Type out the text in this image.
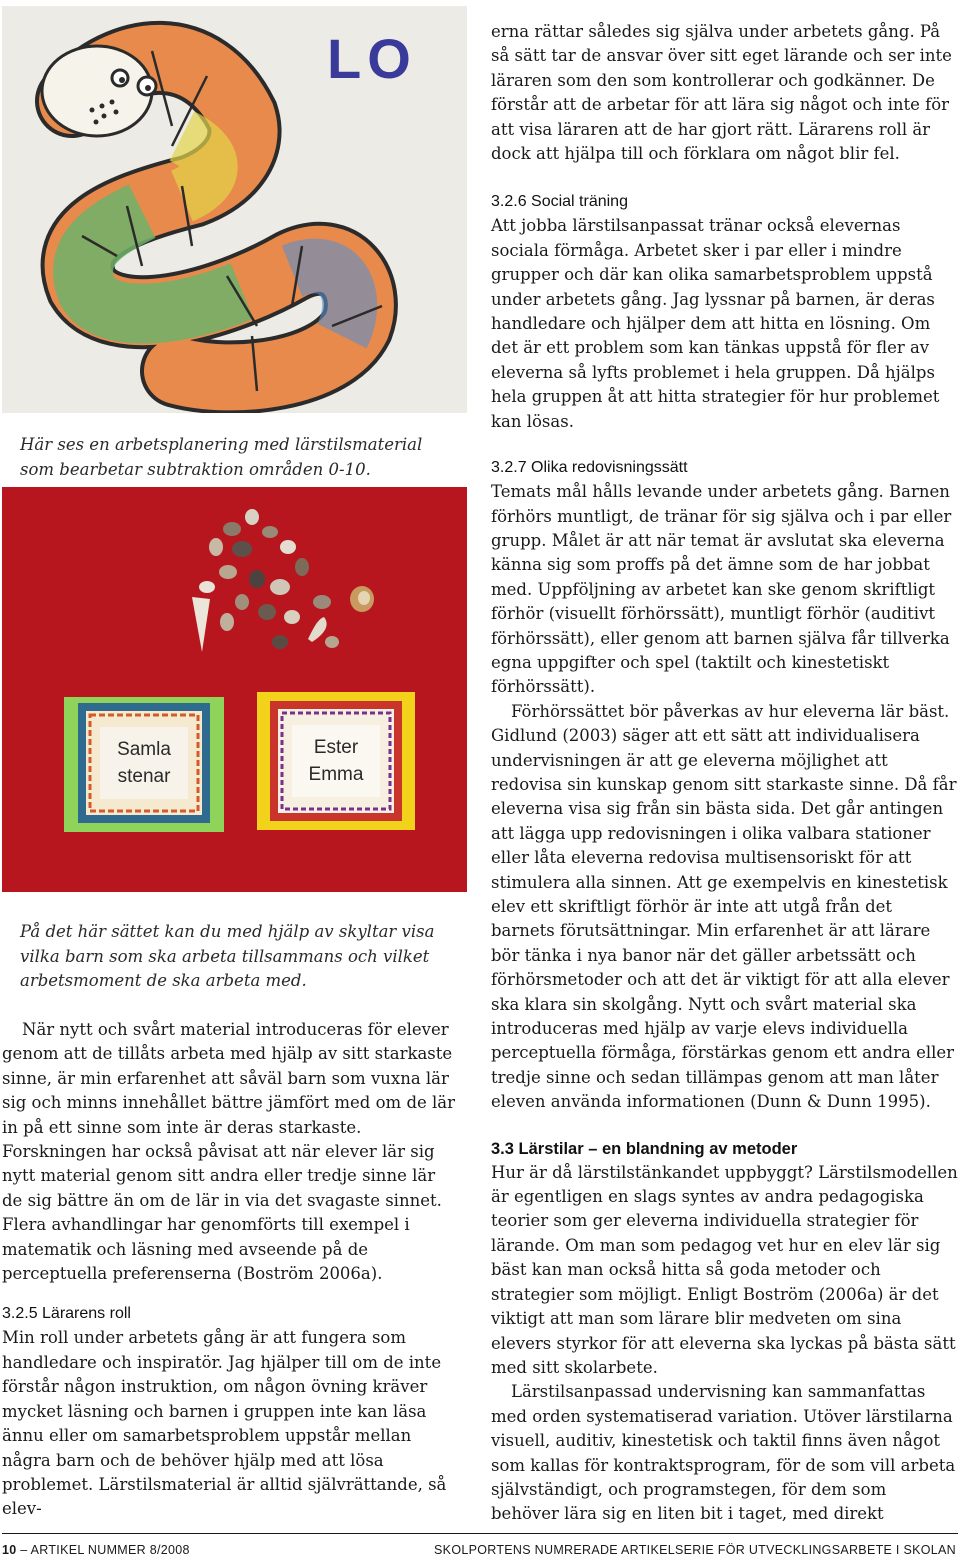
LO
Här ses en arbetsplanering med lärstilsmaterial som bearbetar subtraktion områden 0-10.
Samla
stenar
Ester
Emma
På det här sättet kan du med hjälp av skyltar visa vilka barn som ska arbeta tillsammans och vilket arbetsmoment de ska arbeta med.

När nytt och svårt material introduceras för elever genom att de tillåts arbeta med hjälp av sitt starkaste sinne, är min erfarenhet att såväl barn som vuxna lär sig och minns innehållet bättre jämfört med om de lär in på ett sinne som inte är deras starkaste. Forskningen har också påvisat att när elever lär sig nytt material genom sitt andra eller tredje sinne lär de sig bättre än om de lär in via det svagaste sinnet. Flera avhandlingar har genomförts till exempel i matematik och läsning med avseende på de perceptuella preferenserna (Boström 2006a).

3.2.5 Lärarens roll

Min roll under arbetets gång är att fungera som handledare och inspiratör. Jag hjälper till om de inte förstår någon instruktion, om någon övning kräver mycket läsning och barnen i gruppen inte kan läsa ännu eller om samarbetsproblem uppstår mellan några barn och de behöver hjälp med att lösa problemet. Lärstilsmaterial är alltid självrättande, så elev-

erna rättar således sig själva under arbetets gång. På så sätt tar de ansvar över sitt eget lärande och ser inte läraren som den som kontrollerar och godkänner. De förstår att de arbetar för att lära sig något och inte för att visa läraren att de har gjort rätt. Lärarens roll är dock att hjälpa till och förklara om något blir fel.

3.2.6 Social träning

Att jobba lärstilsanpassat tränar också elevernas sociala förmåga. Arbetet sker i par eller i mindre grupper och där kan olika samarbetsproblem uppstå under arbetets gång. Jag lyssnar på barnen, är deras handledare och hjälper dem att hitta en lösning. Om det är ett problem som kan tänkas uppstå för fler av eleverna så lyfts problemet i hela gruppen. Då hjälps hela gruppen åt att hitta strategier för hur problemet kan lösas.

3.2.7 Olika redovisningssätt

Temats mål hålls levande under arbetets gång. Barnen förhörs muntligt, de tränar för sig själva och i par eller grupp. Målet är att när temat är avslutat ska eleverna känna sig som proffs på det ämne som de har jobbat med. Uppföljning av arbetet kan ske genom skriftligt förhör (visuellt förhörssätt), muntligt förhör (auditivt förhörssätt), eller genom att barnen själva får tillverka egna uppgifter och spel (taktilt och kinestetiskt förhörssätt).

Förhörssättet bör påverkas av hur eleverna lär bäst. Gidlund (2003) säger att ett sätt att individualisera undervisningen är att ge eleverna möjlighet att redovisa sin kunskap genom sitt starkaste sinne. Då får eleverna visa sig från sin bästa sida. Det går antingen att lägga upp redovisningen i olika valbara stationer eller låta eleverna redovisa multisensoriskt för att stimulera alla sinnen. Att ge exempelvis en kinestetisk elev ett skriftligt förhör är inte att utgå från det barnets förutsättningar. Min erfarenhet är att lärare bör tänka i nya banor när det gäller arbetssätt och förhörsmetoder och att det är viktigt för att alla elever ska klara sin skolgång. Nytt och svårt material ska introduceras med hjälp av varje elevs individuella perceptuella förmåga, förstärkas genom ett andra eller tredje sinne och sedan tillämpas genom att man låter eleven använda informationen (Dunn & Dunn 1995).

3.3 Lärstilar – en blandning av metoder

Hur är då lärstilstänkandet uppbyggt? Lärstilsmodellen är egentligen en slags syntes av andra pedagogiska teorier som ger eleverna individuella strategier för lärande. Om man som pedagog vet hur en elev lär sig bäst kan man också hitta så goda metoder och strategier som möjligt. Enligt Boström (2006a) är det viktigt att man som lärare blir medveten om sina elevers styrkor för att eleverna ska lyckas på bästa sätt med sitt skolarbete.

Lärstilsanpassad undervisning kan sammanfattas med orden systematiserad variation. Utöver lärstilarna visuell, auditiv, kinestetisk och taktil finns även något som kallas för kontraktsprogram, för de som vill arbeta självständigt, och programstegen, för dem som behöver lära sig en liten bit i taget, med direkt

10 – ARTIKEL NUMMER 8/2008	SKOLPORTENS NUMRERADE ARTIKELSERIE FÖR UTVECKLINGSARBETE I SKOLAN
